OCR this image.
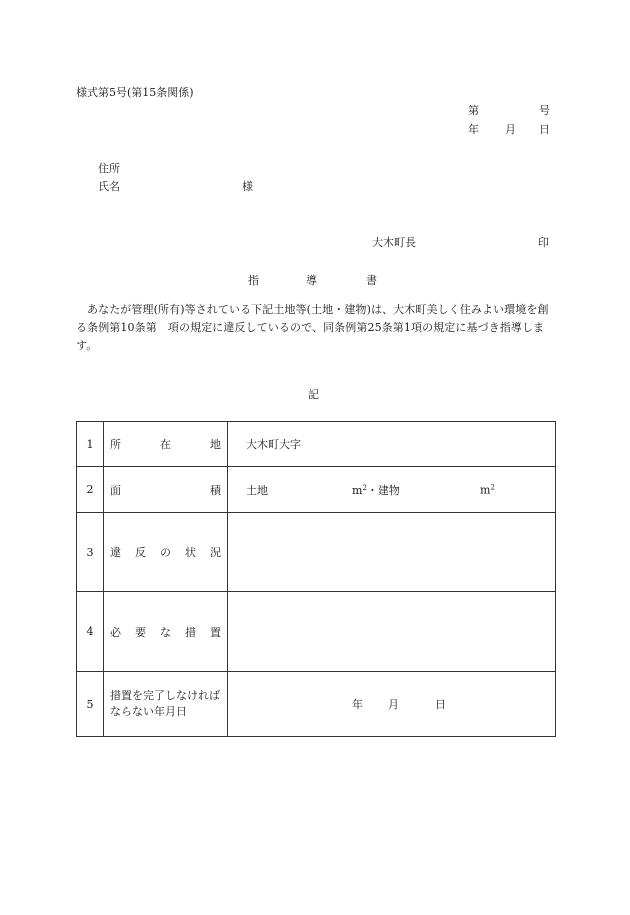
様式第5号(第15条関係)
第	号
年 月 日
住所
氏名	様
大木町長	印
指	導	書
あなたが管理(所有)等されている下記土地等(土地・建物)は、大木町美しく住みよい環境を創る条例第10条第　項の規定に違反しているので、同条例第25条第1項の規定に基づき指導します。
記
1	所 在 地	大木町大字
2	面 積	土地 $m^2$・建物 $m^2$

3	違 反 の 状 況	

4	必 要 な 措 置	

5	措置を完了しなければならない年月日	年 月 日
